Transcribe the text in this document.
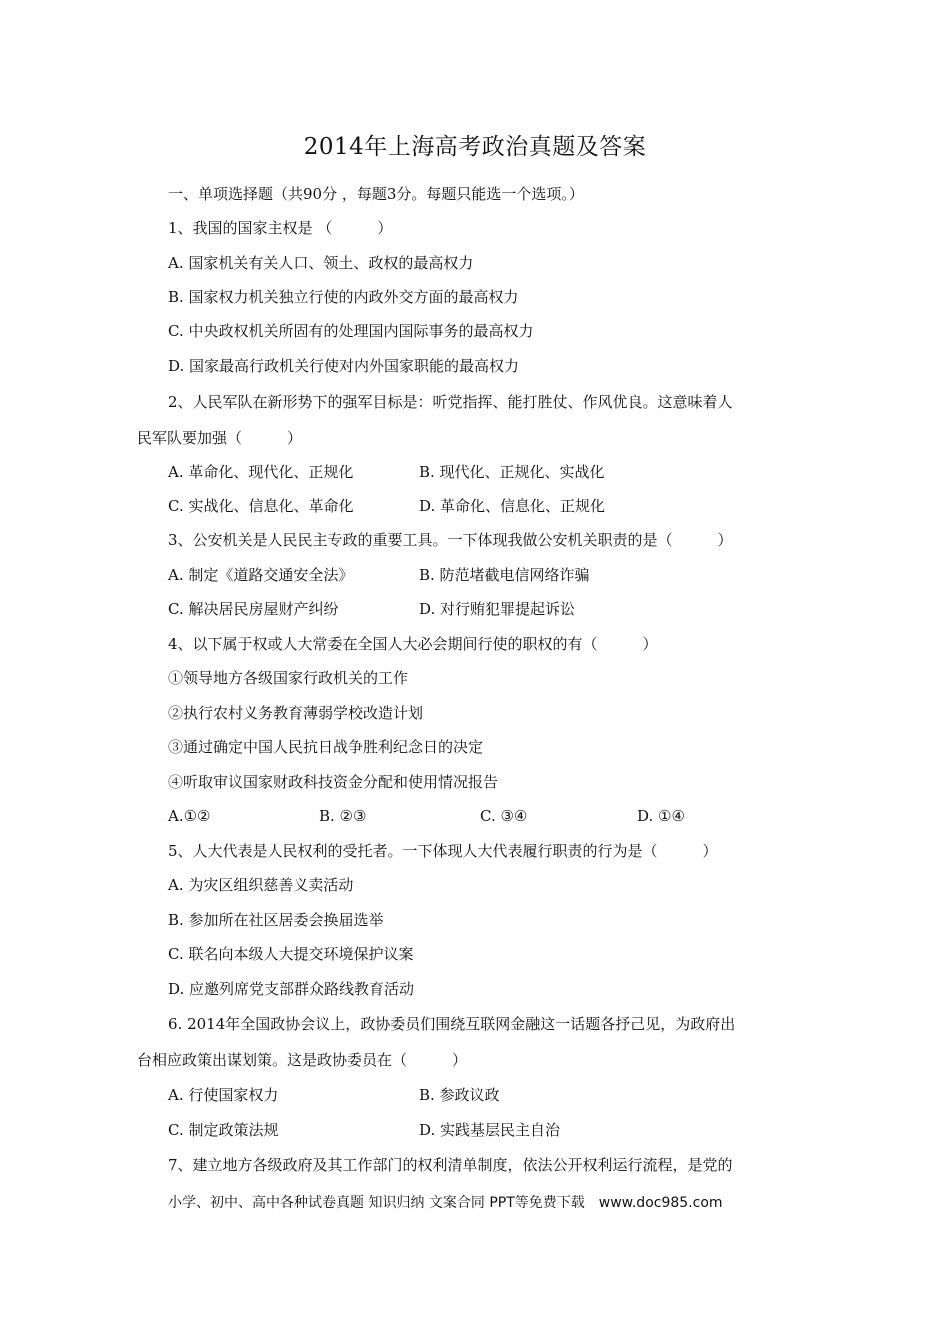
2014年上海高考政治真题及答案
一、单项选择题（共90分 ，每题3分。每题只能选一个选项。）
1、我国的国家主权是 （　　　）
A. 国家机关有关人口、领土、政权的最高权力
B. 国家权力机关独立行使的内政外交方面的最高权力
C. 中央政权机关所固有的处理国内国际事务的最高权力
D. 国家最高行政机关行使对内外国家职能的最高权力
2、人民军队在新形势下的强军目标是：听党指挥、能打胜仗、作风优良。这意味着人
民军队要加强（　　　）
A. 革命化、现代化、正规化	B. 现代化、正规化、实战化
C. 实战化、信息化、革命化	D. 革命化、信息化、正规化
3、公安机关是人民民主专政的重要工具。一下体现我做公安机关职责的是（　　　）
A. 制定《道路交通安全法》	B. 防范堵截电信网络诈骗
C. 解决居民房屋财产纠纷	D. 对行贿犯罪提起诉讼
4、以下属于权或人大常委在全国人大必会期间行使的职权的有（　　　）
①领导地方各级国家行政机关的工作
②执行农村义务教育薄弱学校改造计划
③通过确定中国人民抗日战争胜利纪念日的决定
④听取审议国家财政科技资金分配和使用情况报告
A.①②	B. ②③	C. ③④	D. ①④
5、人大代表是人民权利的受托者。一下体现人大代表履行职责的行为是（　　　）
A. 为灾区组织慈善义卖活动
B. 参加所在社区居委会换届选举
C. 联名向本级人大提交环境保护议案
D. 应邀列席党支部群众路线教育活动
6. 2014年全国政协会议上，政协委员们围绕互联网金融这一话题各抒己见，为政府出
台相应政策出谋划策。这是政协委员在（　　　）
A. 行使国家权力	B. 参政议政
C. 制定政策法规	D. 实践基层民主自治
7、建立地方各级政府及其工作部门的权利清单制度，依法公开权利运行流程，是党的
小学、初中、高中各种试卷真题 知识归纳 文案合同 PPT等免费下载　www.doc985.com
